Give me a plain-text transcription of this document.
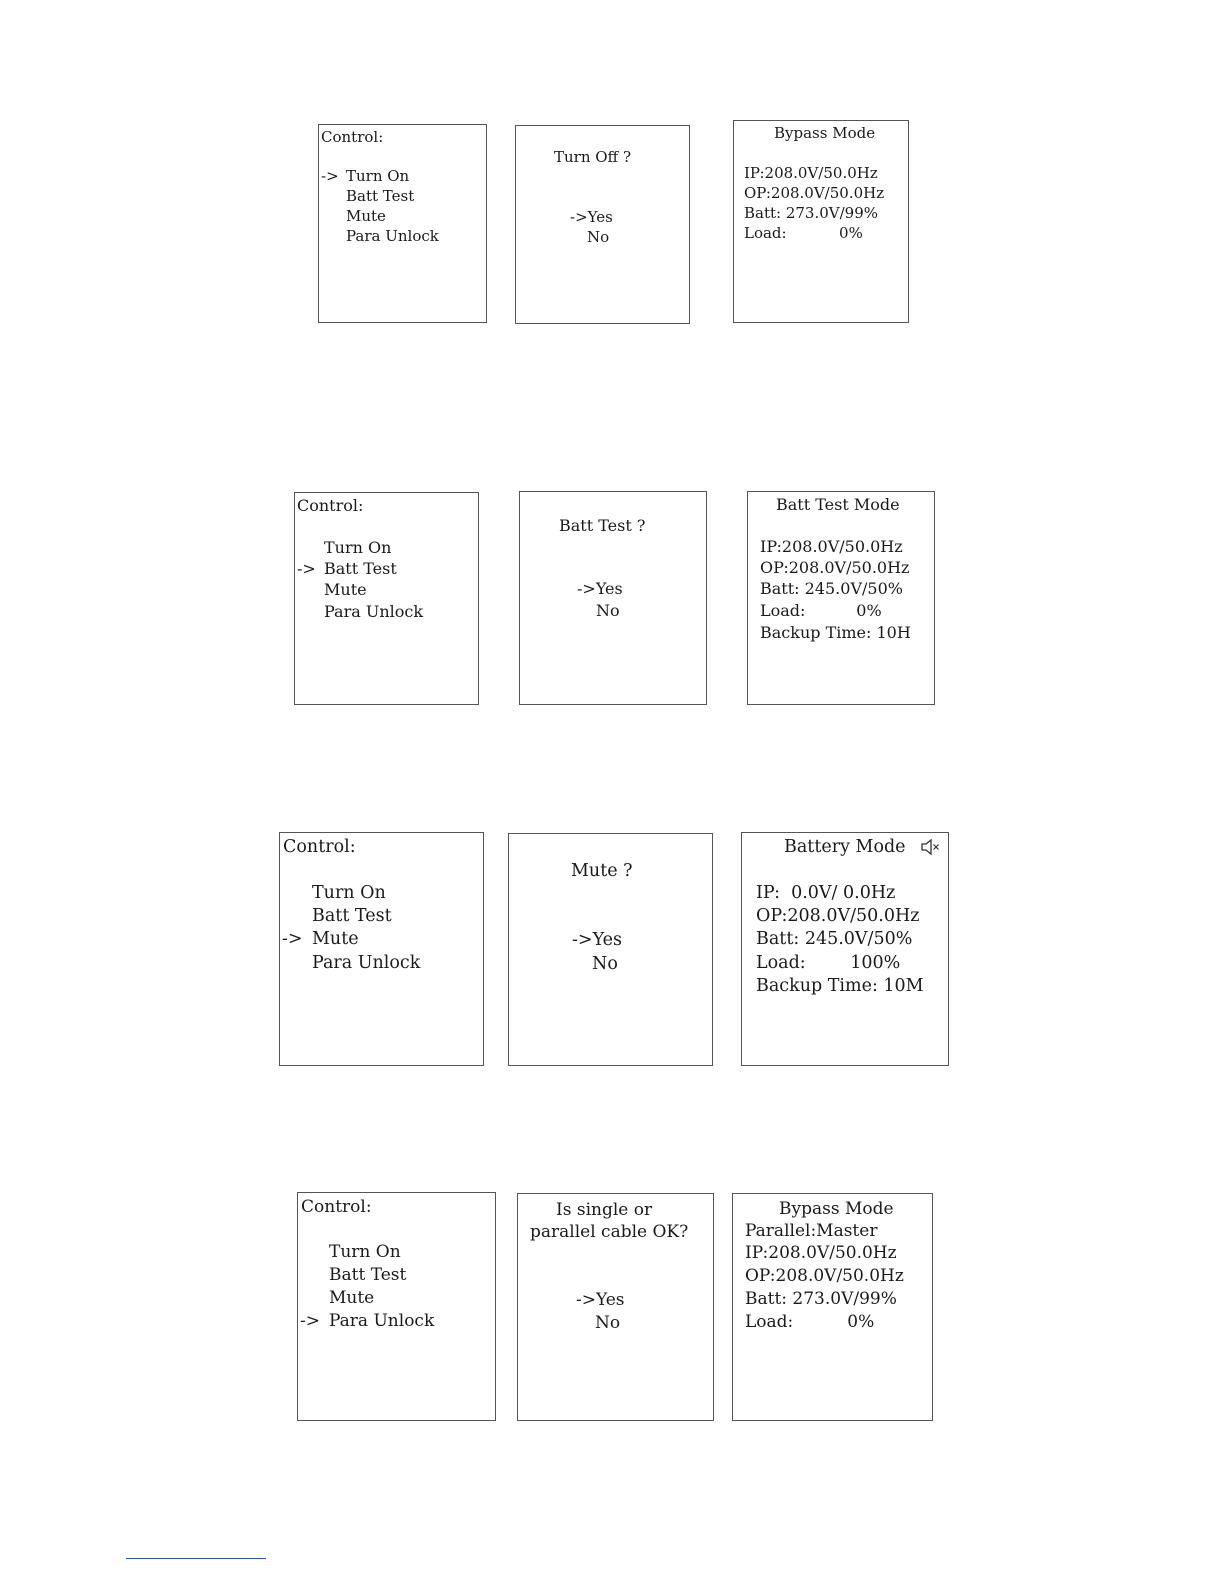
Control:
-> Turn On
Batt Test
Mute
Para Unlock
Turn Off ?
->Yes
No
Bypass Mode
IP:208.0V/50.0Hz
OP:208.0V/50.0Hz
Batt: 273.0V/99%
Load:           0%
Control:
Turn On
-> Batt Test
Mute
Para Unlock
Batt Test ?
->Yes
No
Batt Test Mode
IP:208.0V/50.0Hz
OP:208.0V/50.0Hz
Batt: 245.0V/50%
Load:          0%
Backup Time: 10H
Control:
Turn On
Batt Test
-> Mute
Para Unlock
Mute ?
->Yes
No
Battery Mode
IP:  0.0V/ 0.0Hz
OP:208.0V/50.0Hz
Batt: 245.0V/50%
Load:        100%
Backup Time: 10M
Control:
Turn On
Batt Test
Mute
-> Para Unlock
Is single or
parallel cable OK?
->Yes
No
Bypass Mode
Parallel:Master
IP:208.0V/50.0Hz
OP:208.0V/50.0Hz
Batt: 273.0V/99%
Load:          0%
